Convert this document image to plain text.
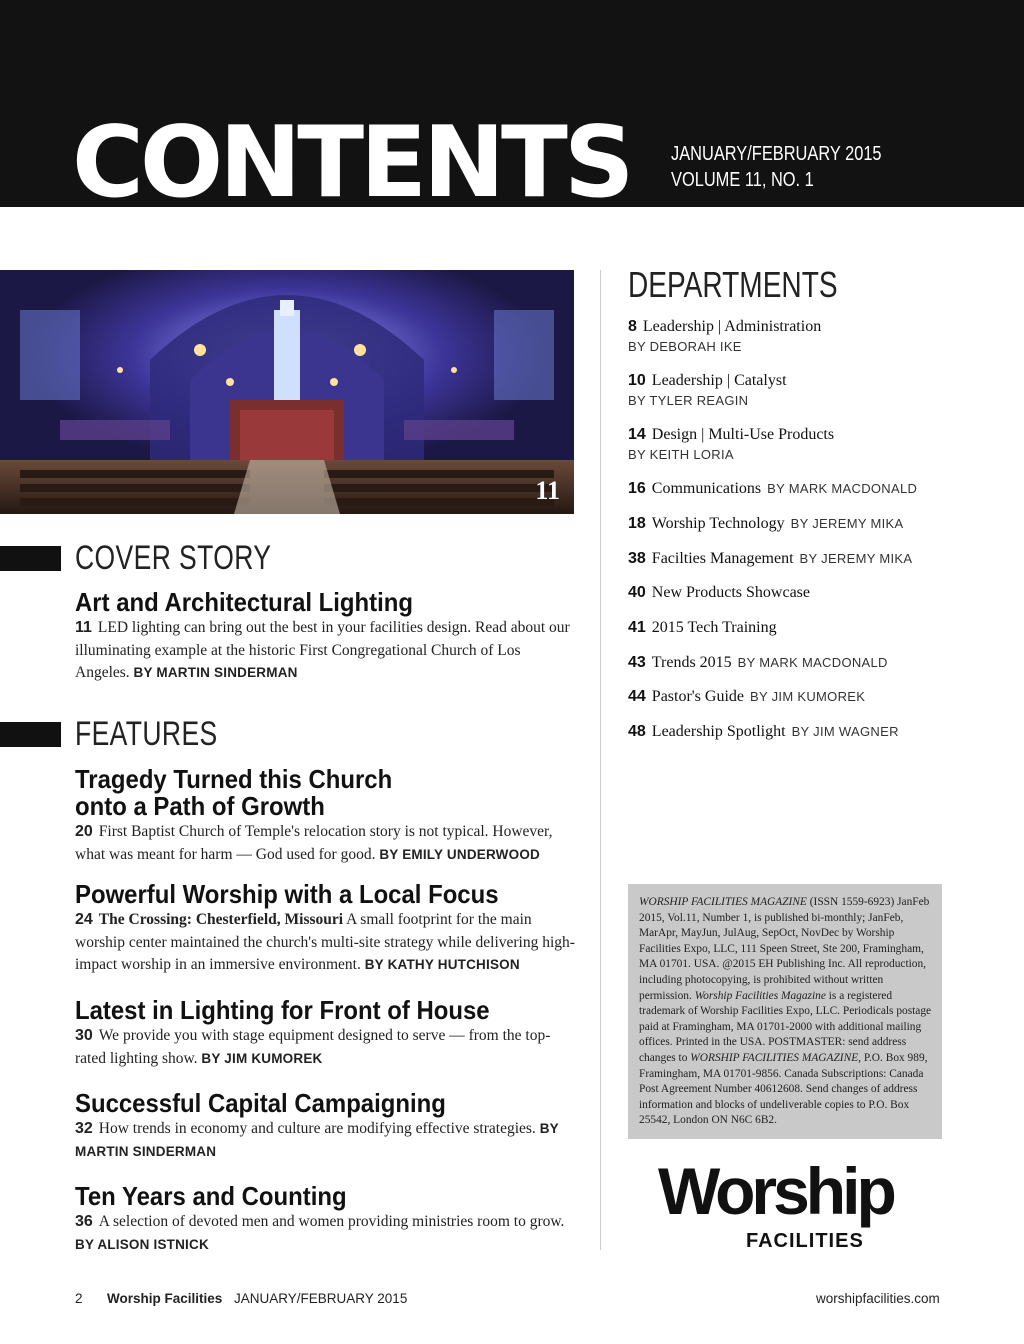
CONTENTS JANUARY/FEBRUARY 2015
VOLUME 11, NO. 1
11
COVER STORY
Art and Architectural Lighting
11 LED lighting can bring out the best in your facilities design. Read about our illuminating example at the historic First Congregational Church of Los Angeles. BY MARTIN SINDERMAN
FEATURES
Tragedy Turned this Church
onto a Path of Growth
20 First Baptist Church of Temple's relocation story is not typical. However, what was meant for harm — God used for good. BY EMILY UNDERWOOD
Powerful Worship with a Local Focus
24 The Crossing: Chesterfield, Missouri A small footprint for the main worship center maintained the church's multi-site strategy while delivering high-impact worship in an immersive environment. BY KATHY HUTCHISON
Latest in Lighting for Front of House
30 We provide you with stage equipment designed to serve — from the top-rated lighting show. BY JIM KUMOREK
Successful Capital Campaigning
32 How trends in economy and culture are modifying effective strategies. BY MARTIN SINDERMAN
Ten Years and Counting
36 A selection of devoted men and women providing ministries room to grow. BY ALISON ISTNICK
DEPARTMENTS
8 Leadership | Administration
BY DEBORAH IKE
10 Leadership | Catalyst
BY TYLER REAGIN
14 Design | Multi-Use Products
BY KEITH LORIA
16 Communications BY MARK MACDONALD
18 Worship Technology BY JEREMY MIKA
38 Facilties Management BY JEREMY MIKA
40 New Products Showcase
41 2015 Tech Training
43 Trends 2015 BY MARK MACDONALD
44 Pastor's Guide BY JIM KUMOREK
48 Leadership Spotlight BY JIM WAGNER
WORSHIP FACILITIES MAGAZINE (ISSN 1559-6923) JanFeb 2015, Vol.11, Number 1, is published bi-monthly; JanFeb, MarApr, MayJun, JulAug, SepOct, NovDec by Worship Facilities Expo, LLC, 111 Speen Street, Ste 200, Framingham, MA 01701. USA. @2015 EH Publishing Inc. All reproduction, including photocopying, is prohibited without written permission. Worship Facilities Magazine is a registered trademark of Worship Facilities Expo, LLC. Periodicals postage paid at Framingham, MA 01701-2000 with additional mailing offices. Printed in the USA. POSTMASTER: send address changes to WORSHIP FACILITIES MAGAZINE, P.O. Box 989, Framingham, MA 01701-9856. Canada Subscriptions: Canada Post Agreement Number 40612608. Send changes of address information and blocks of undeliverable copies to P.O. Box 25542, London ON N6C 6B2.
Worship
FACILITIES
2 Worship Facilities JANUARY/FEBRUARY 2015	worshipfacilities.com
